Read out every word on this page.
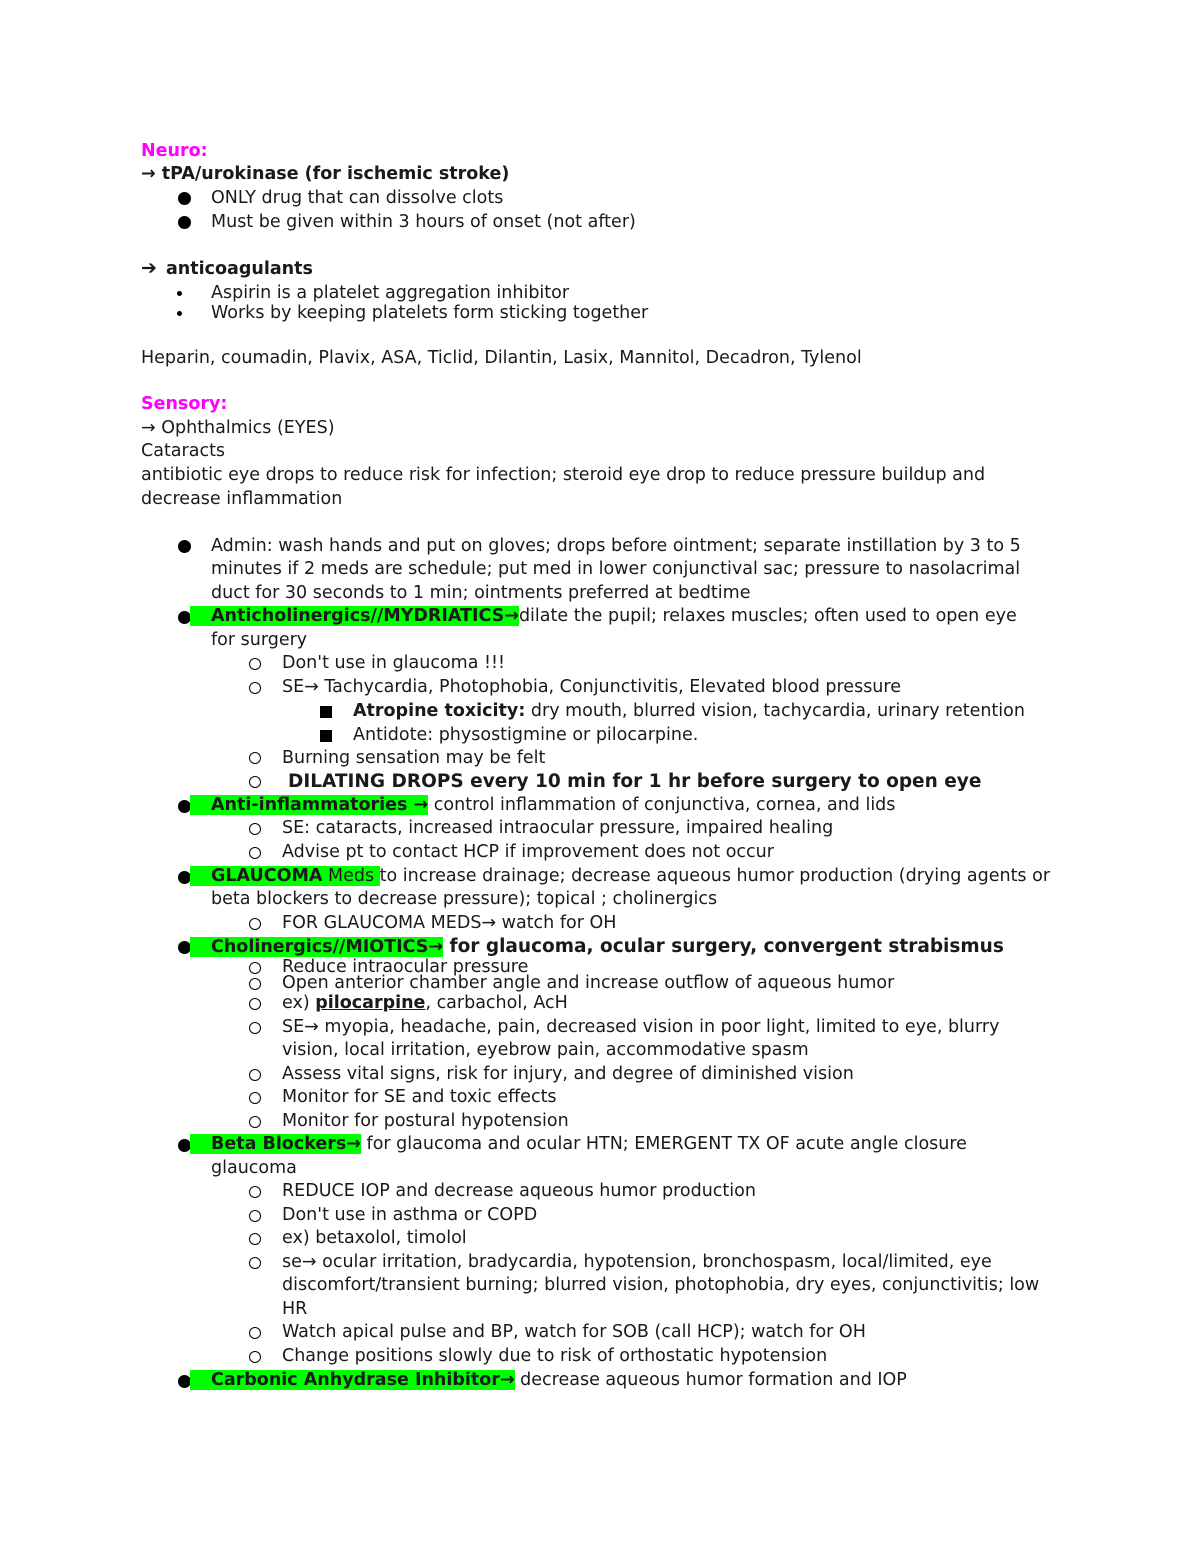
Neuro:
→ tPA/urokinase (for ischemic stroke)
ONLY drug that can dissolve clots
Must be given within 3 hours of onset (not after)
➔ anticoagulants
Aspirin is a platelet aggregation inhibitor
Works by keeping platelets form sticking together
Heparin, coumadin, Plavix, ASA, Ticlid, Dilantin, Lasix, Mannitol, Decadron, Tylenol
Sensory:
→ Ophthalmics (EYES)
Cataracts
antibiotic eye drops to reduce risk for infection; steroid eye drop to reduce pressure buildup and
decrease inflammation
Admin: wash hands and put on gloves; drops before ointment; separate instillation by 3 to 5
minutes if 2 meds are schedule; put med in lower conjunctival sac; pressure to nasolacrimal
duct for 30 seconds to 1 min; ointments preferred at bedtime
Anticholinergics//MYDRIATICS→dilate the pupil; relaxes muscles; often used to open eye
for surgery
Don't use in glaucoma !!!
SE→ Tachycardia, Photophobia, Conjunctivitis, Elevated blood pressure
Atropine toxicity: dry mouth, blurred vision, tachycardia, urinary retention
Antidote: physostigmine or pilocarpine.
Burning sensation may be felt
DILATING DROPS every 10 min for 1 hr before surgery to open eye
Anti-inflammatories → control inflammation of conjunctiva, cornea, and lids
SE: cataracts, increased intraocular pressure, impaired healing
Advise pt to contact HCP if improvement does not occur
GLAUCOMA Meds to increase drainage; decrease aqueous humor production (drying agents or
beta blockers to decrease pressure); topical ; cholinergics
FOR GLAUCOMA MEDS→ watch for OH
Cholinergics//MIOTICS→ for glaucoma, ocular surgery, convergent strabismus
Reduce intraocular pressure
Open anterior chamber angle and increase outflow of aqueous humor
ex) pilocarpine, carbachol, AcH
SE→ myopia, headache, pain, decreased vision in poor light, limited to eye, blurry
vision, local irritation, eyebrow pain, accommodative spasm
Assess vital signs, risk for injury, and degree of diminished vision
Monitor for SE and toxic effects
Monitor for postural hypotension
Beta Blockers→ for glaucoma and ocular HTN; EMERGENT TX OF acute angle closure
glaucoma
REDUCE IOP and decrease aqueous humor production
Don't use in asthma or COPD
ex) betaxolol, timolol
se→ ocular irritation, bradycardia, hypotension, bronchospasm, local/limited, eye
discomfort/transient burning; blurred vision, photophobia, dry eyes, conjunctivitis; low
HR
Watch apical pulse and BP, watch for SOB (call HCP); watch for OH
Change positions slowly due to risk of orthostatic hypotension
Carbonic Anhydrase Inhibitor→ decrease aqueous humor formation and IOP
